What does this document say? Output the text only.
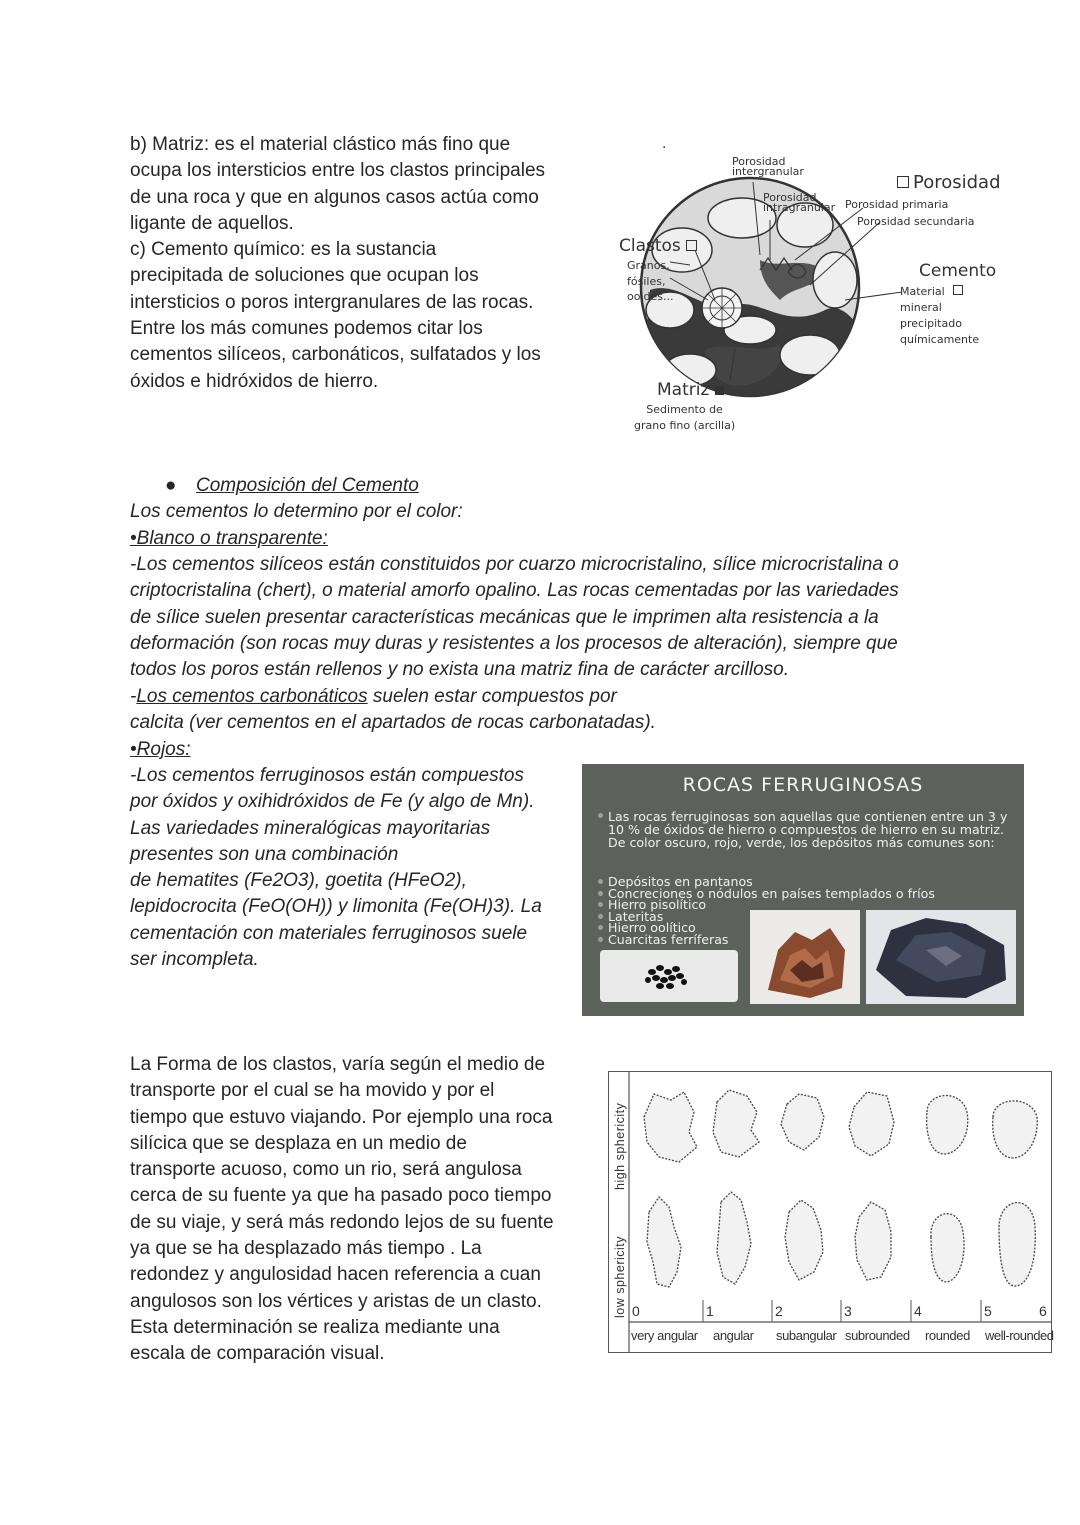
b) Matriz: es el material clástico más fino que
ocupa los intersticios entre los clastos principales
de una roca y que en algunos casos actúa como
ligante de aquellos.
c) Cemento químico: es la sustancia
precipitada de soluciones que ocupan los
intersticios o poros intergranulares de las rocas.
Entre los más comunes podemos citar los
cementos silíceos, carbonáticos, sulfatados y los
óxidos e hidróxidos de hierro.
.
Porosidad
intergranular
Porosidad
Porosidad
intragranular Porosidad primaria
Porosidad secundaria
Clastos
Granos,
fósiles,
ooides...
Cemento
Material
mineral
precipitado
químicamente
Matriz
Sedimento de
grano fino (arcilla)
● Composición del Cemento
Los cementos lo determino por el color:
•Blanco o transparente:
-Los cementos silíceos están constituidos por cuarzo microcristalino, sílice microcristalina o
criptocristalina (chert), o material amorfo opalino. Las rocas cementadas por las variedades
de sílice suelen presentar características mecánicas que le imprimen alta resistencia a la
deformación (son rocas muy duras y resistentes a los procesos de alteración), siempre que
todos los poros están rellenos y no exista una matriz fina de carácter arcilloso.
-Los cementos carbonáticos suelen estar compuestos por
calcita (ver cementos en el apartados de rocas carbonatadas).
•Rojos:
-Los cementos ferruginosos están compuestos
por óxidos y oxihidróxidos de Fe (y algo de Mn).
Las variedades mineralógicas mayoritarias
presentes son una combinación
de hematites (Fe2O3), goetita (HFeO2),
lepidocrocita (FeO(OH)) y limonita (Fe(OH)3). La
cementación con materiales ferruginosos suele
ser incompleta.
ROCAS FERRUGINOSAS
Las rocas ferruginosas son aquellas que contienen entre un 3 y 10 % de óxidos de hierro o compuestos de hierro en su matriz. De color oscuro, rojo, verde, los depósitos más comunes son:
Depósitos en pantanos
Concreciones o nódulos en países templados o fríos
Hierro pisolítico
Lateritas
Hierro oolítico
Cuarcitas ferríferas
La Forma de los clastos, varía según el medio de
transporte por el cual se ha movido y por el
tiempo que estuvo viajando. Por ejemplo una roca
silícica que se desplaza en un medio de
transporte acuoso, como un rio, será angulosa
cerca de su fuente ya que ha pasado poco tiempo
de su viaje, y será más redondo lejos de su fuente
ya que se ha desplazado más tiempo . La
redondez y angulosidad hacen referencia a cuan
angulosos son los vértices y aristas de un clasto.
Esta determinación se realiza mediante una
escala de comparación visual.
high sphericity
low sphericity 0	1	2	3	4	5	6
very angular angular subangular subrounded rounded well-rounded
